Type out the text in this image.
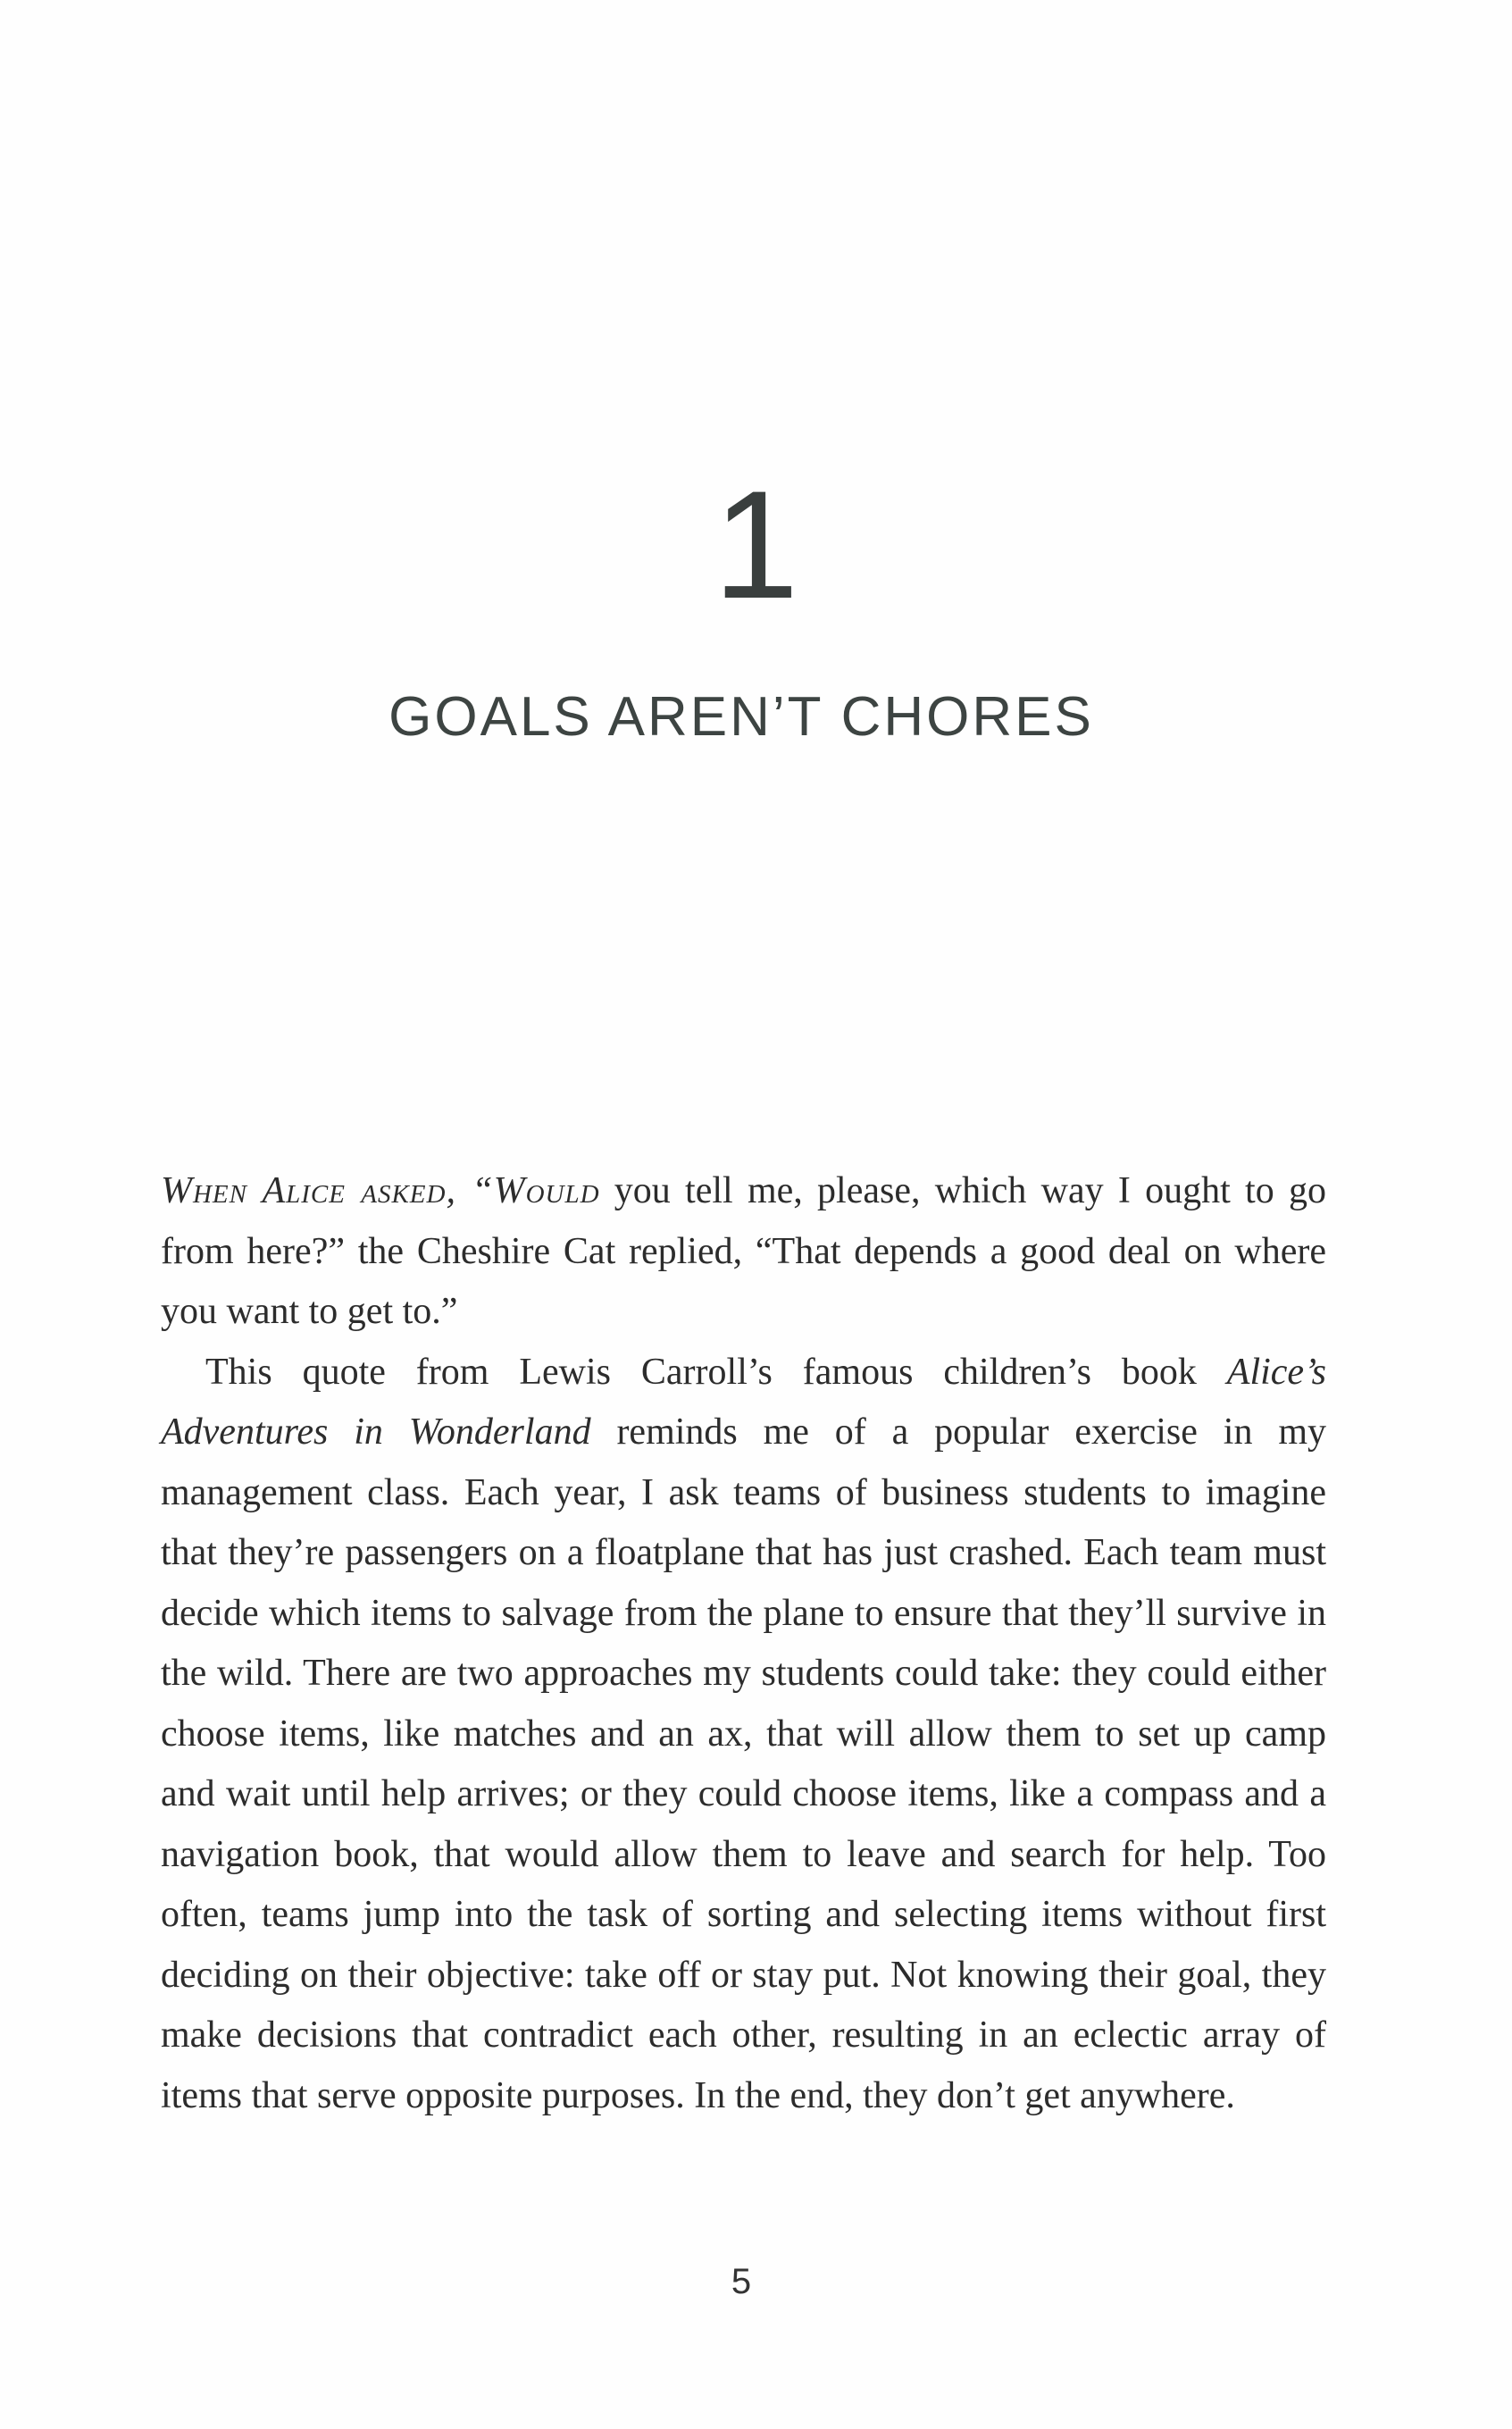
1
GOALS AREN’T CHORES

When Alice asked, “Would you tell me, please, which way I ought to go from here?” the Cheshire Cat replied, “That depends a good deal on where you want to get to.”

This quote from Lewis Carroll’s famous children’s book Alice’s Adventures in Wonderland reminds me of a popular exercise in my management class. Each year, I ask teams of business students to imagine that they’re passengers on a floatplane that has just crashed. Each team must decide which items to salvage from the plane to ensure that they’ll survive in the wild. There are two approaches my students could take: they could either choose items, like matches and an ax, that will allow them to set up camp and wait until help arrives; or they could choose items, like a compass and a navigation book, that would allow them to leave and search for help. Too often, teams jump into the task of sorting and selecting items without first deciding on their objective: take off or stay put. Not knowing their goal, they make decisions that contradict each other, resulting in an eclectic array of items that serve opposite purposes. In the end, they don’t get anywhere.

5
